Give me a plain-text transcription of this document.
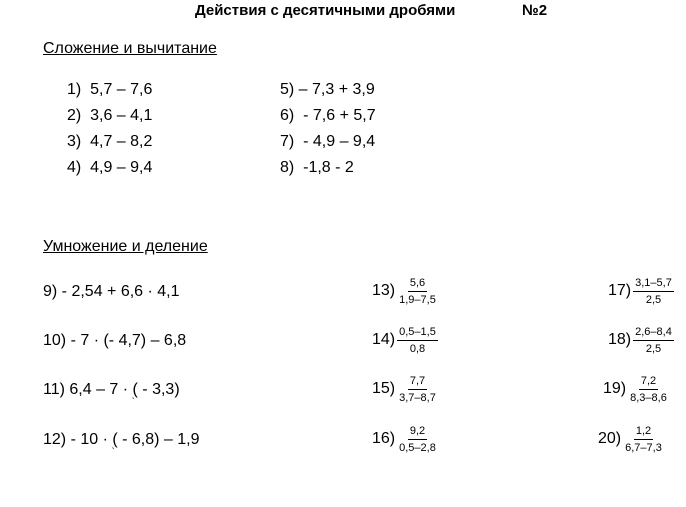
Действия с десятичными дробями	№2
Сложение и вычитание
1)  5,7 – 7,6
2)  3,6 – 4,1
3)  4,7 – 8,2
4)  4,9 – 9,4
5) – 7,3 + 3,9
6)  - 7,6 + 5,7
7)  - 4,9 – 9,4
8)  -1,8 - 2
Умножение и деление
9) - 2,54 + 6,6 · 4,1
10) - 7 · (- 4,7) – 6,8
11) 6,4 – 7 · ( - 3,3)
12) - 10 · ( - 6,8) – 1,9
$13) \frac{5,6}{1,9-7,5}$
$14) \frac{0,5-1,5}{0,8}$
$15) \frac{7,7}{3,7-8,7}$
$16) \frac{9,2}{0,5-2,8}$
$17) \frac{3,1-5,7}{2,5}$
$18) \frac{2,6-8,4}{2,5}$
$19) \frac{7,2}{8,3-8,6}$
$20) \frac{1,2}{6,7-7,3}$
